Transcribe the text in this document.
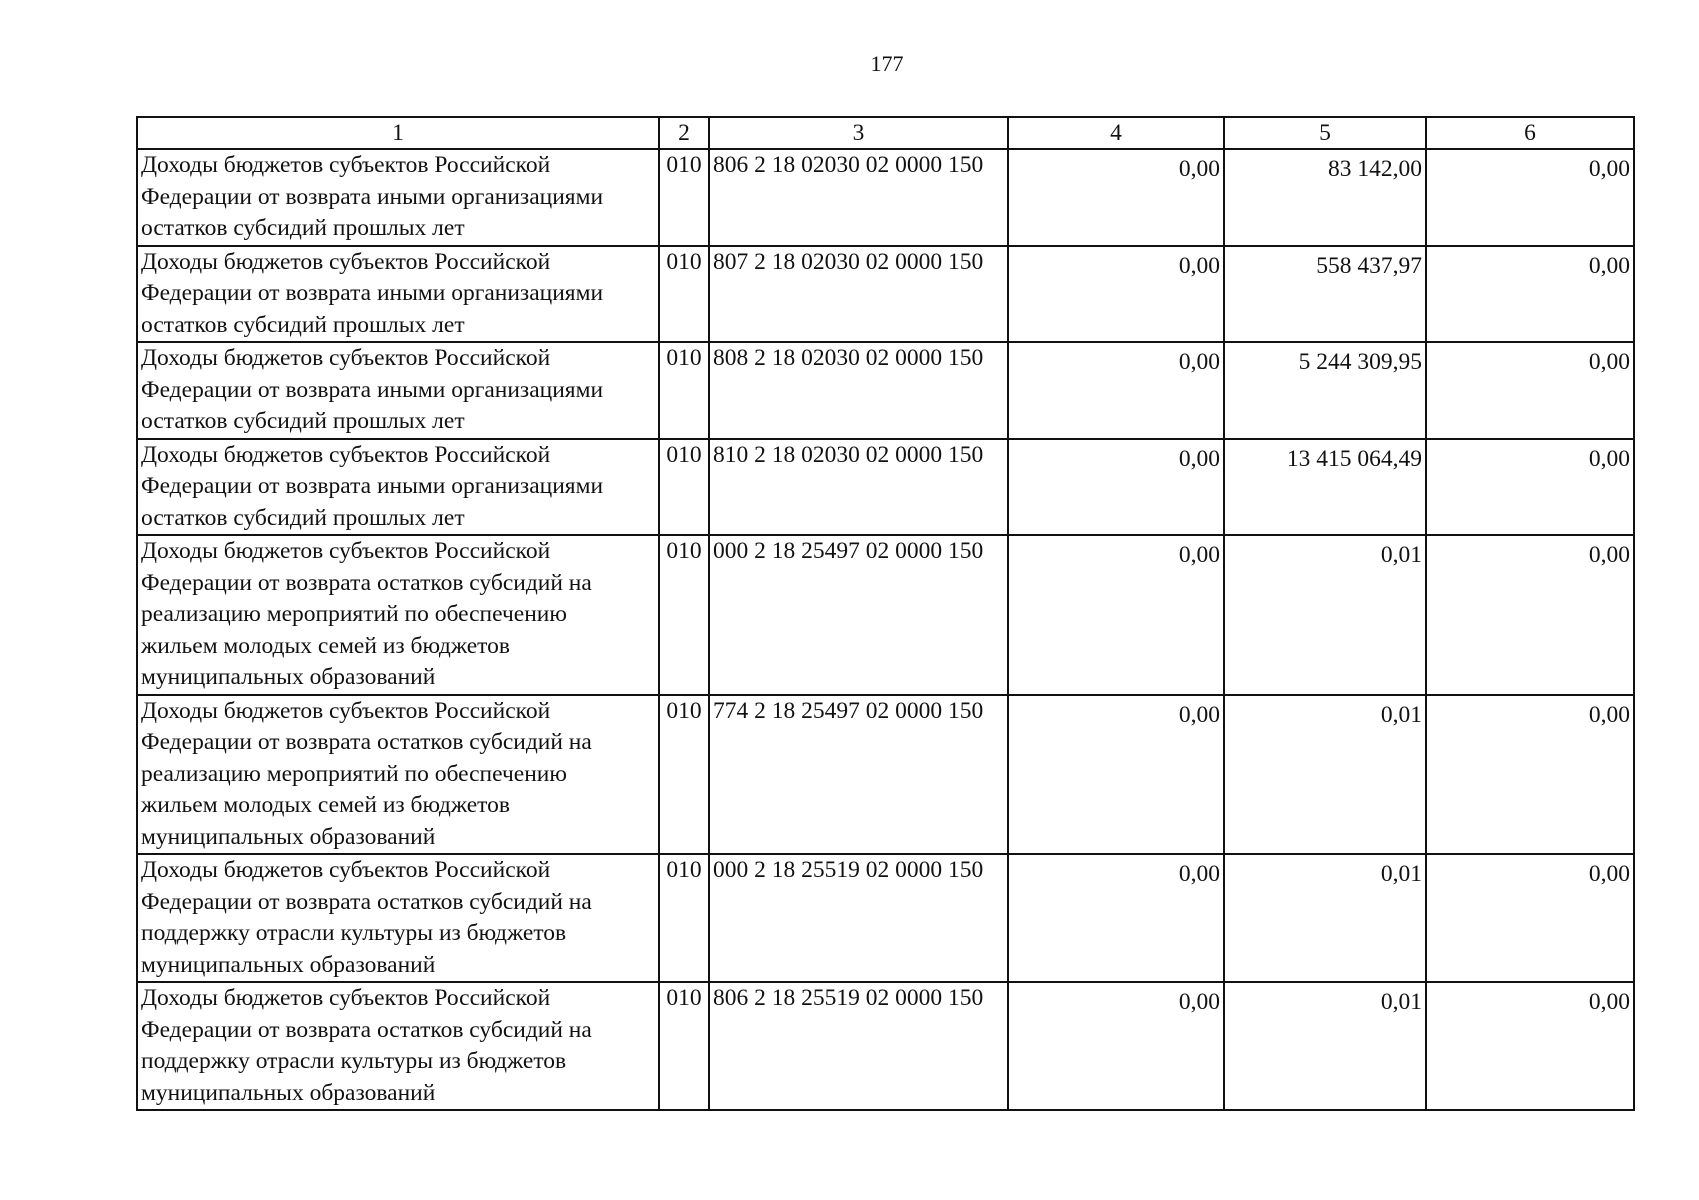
177
1	2	3	4	5	6

Доходы бюджетов субъектов Российской
Федерации от возврата иными организациями
остатков субсидий прошлых лет	010	806 2 18 02030 02 0000 150	0,00	83 142,00	0,00

Доходы бюджетов субъектов Российской
Федерации от возврата иными организациями
остатков субсидий прошлых лет	010	807 2 18 02030 02 0000 150	0,00	558 437,97	0,00

Доходы бюджетов субъектов Российской
Федерации от возврата иными организациями
остатков субсидий прошлых лет	010	808 2 18 02030 02 0000 150	0,00	5 244 309,95	0,00

Доходы бюджетов субъектов Российской
Федерации от возврата иными организациями
остатков субсидий прошлых лет	010	810 2 18 02030 02 0000 150	0,00	13 415 064,49	0,00

Доходы бюджетов субъектов Российской
Федерации от возврата остатков субсидий на
реализацию мероприятий по обеспечению
жильем молодых семей из бюджетов
муниципальных образований	010	000 2 18 25497 02 0000 150	0,00	0,01	0,00

Доходы бюджетов субъектов Российской
Федерации от возврата остатков субсидий на
реализацию мероприятий по обеспечению
жильем молодых семей из бюджетов
муниципальных образований	010	774 2 18 25497 02 0000 150	0,00	0,01	0,00

Доходы бюджетов субъектов Российской
Федерации от возврата остатков субсидий на
поддержку отрасли культуры из бюджетов
муниципальных образований	010	000 2 18 25519 02 0000 150	0,00	0,01	0,00

Доходы бюджетов субъектов Российской
Федерации от возврата остатков субсидий на
поддержку отрасли культуры из бюджетов
муниципальных образований	010	806 2 18 25519 02 0000 150	0,00	0,01	0,00
